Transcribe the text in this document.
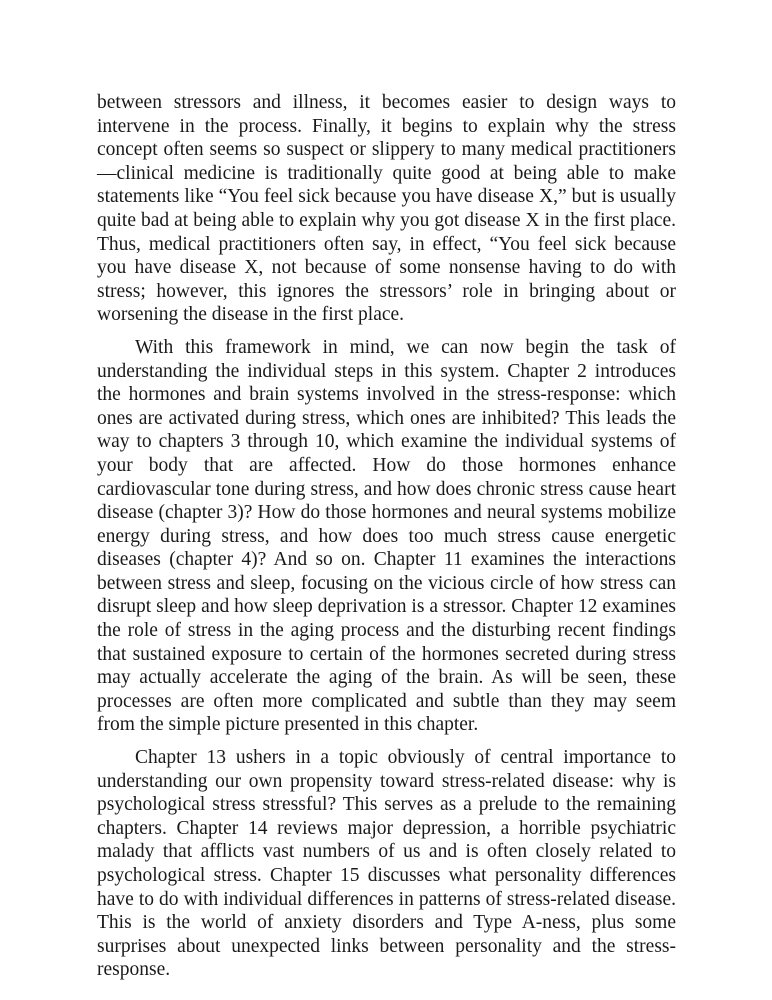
between stressors and illness, it becomes easier to design ways to intervene in the process. Finally, it begins to explain why the stress concept often seems so suspect or slippery to many medical practitioners—clinical medicine is traditionally quite good at being able to make statements like “You feel sick because you have disease X,” but is usually quite bad at being able to explain why you got disease X in the first place. Thus, medical practitioners often say, in effect, “You feel sick because you have disease X, not because of some nonsense having to do with stress; however, this ignores the stressors’ role in bringing about or worsening the disease in the first place.

With this framework in mind, we can now begin the task of understanding the individual steps in this system. Chapter 2 introduces the hormones and brain systems involved in the stress-response: which ones are activated during stress, which ones are inhibited? This leads the way to chapters 3 through 10, which examine the individual systems of your body that are affected. How do those hormones enhance cardiovascular tone during stress, and how does chronic stress cause heart disease (chapter 3)? How do those hormones and neural systems mobilize energy during stress, and how does too much stress cause energetic diseases (chapter 4)? And so on. Chapter 11 examines the interactions between stress and sleep, focusing on the vicious circle of how stress can disrupt sleep and how sleep deprivation is a stressor. Chapter 12 examines the role of stress in the aging process and the disturbing recent findings that sustained exposure to certain of the hormones secreted during stress may actually accelerate the aging of the brain. As will be seen, these processes are often more complicated and subtle than they may seem from the simple picture presented in this chapter.

Chapter 13 ushers in a topic obviously of central importance to understanding our own propensity toward stress-related disease: why is psychological stress stressful? This serves as a prelude to the remaining chapters. Chapter 14 reviews major depression, a horrible psychiatric malady that afflicts vast numbers of us and is often closely related to psychological stress. Chapter 15 discusses what personality differences have to do with individual differences in patterns of stress-related disease. This is the world of anxiety disorders and Type A-ness, plus some surprises about unexpected links between personality and the stress-response.
